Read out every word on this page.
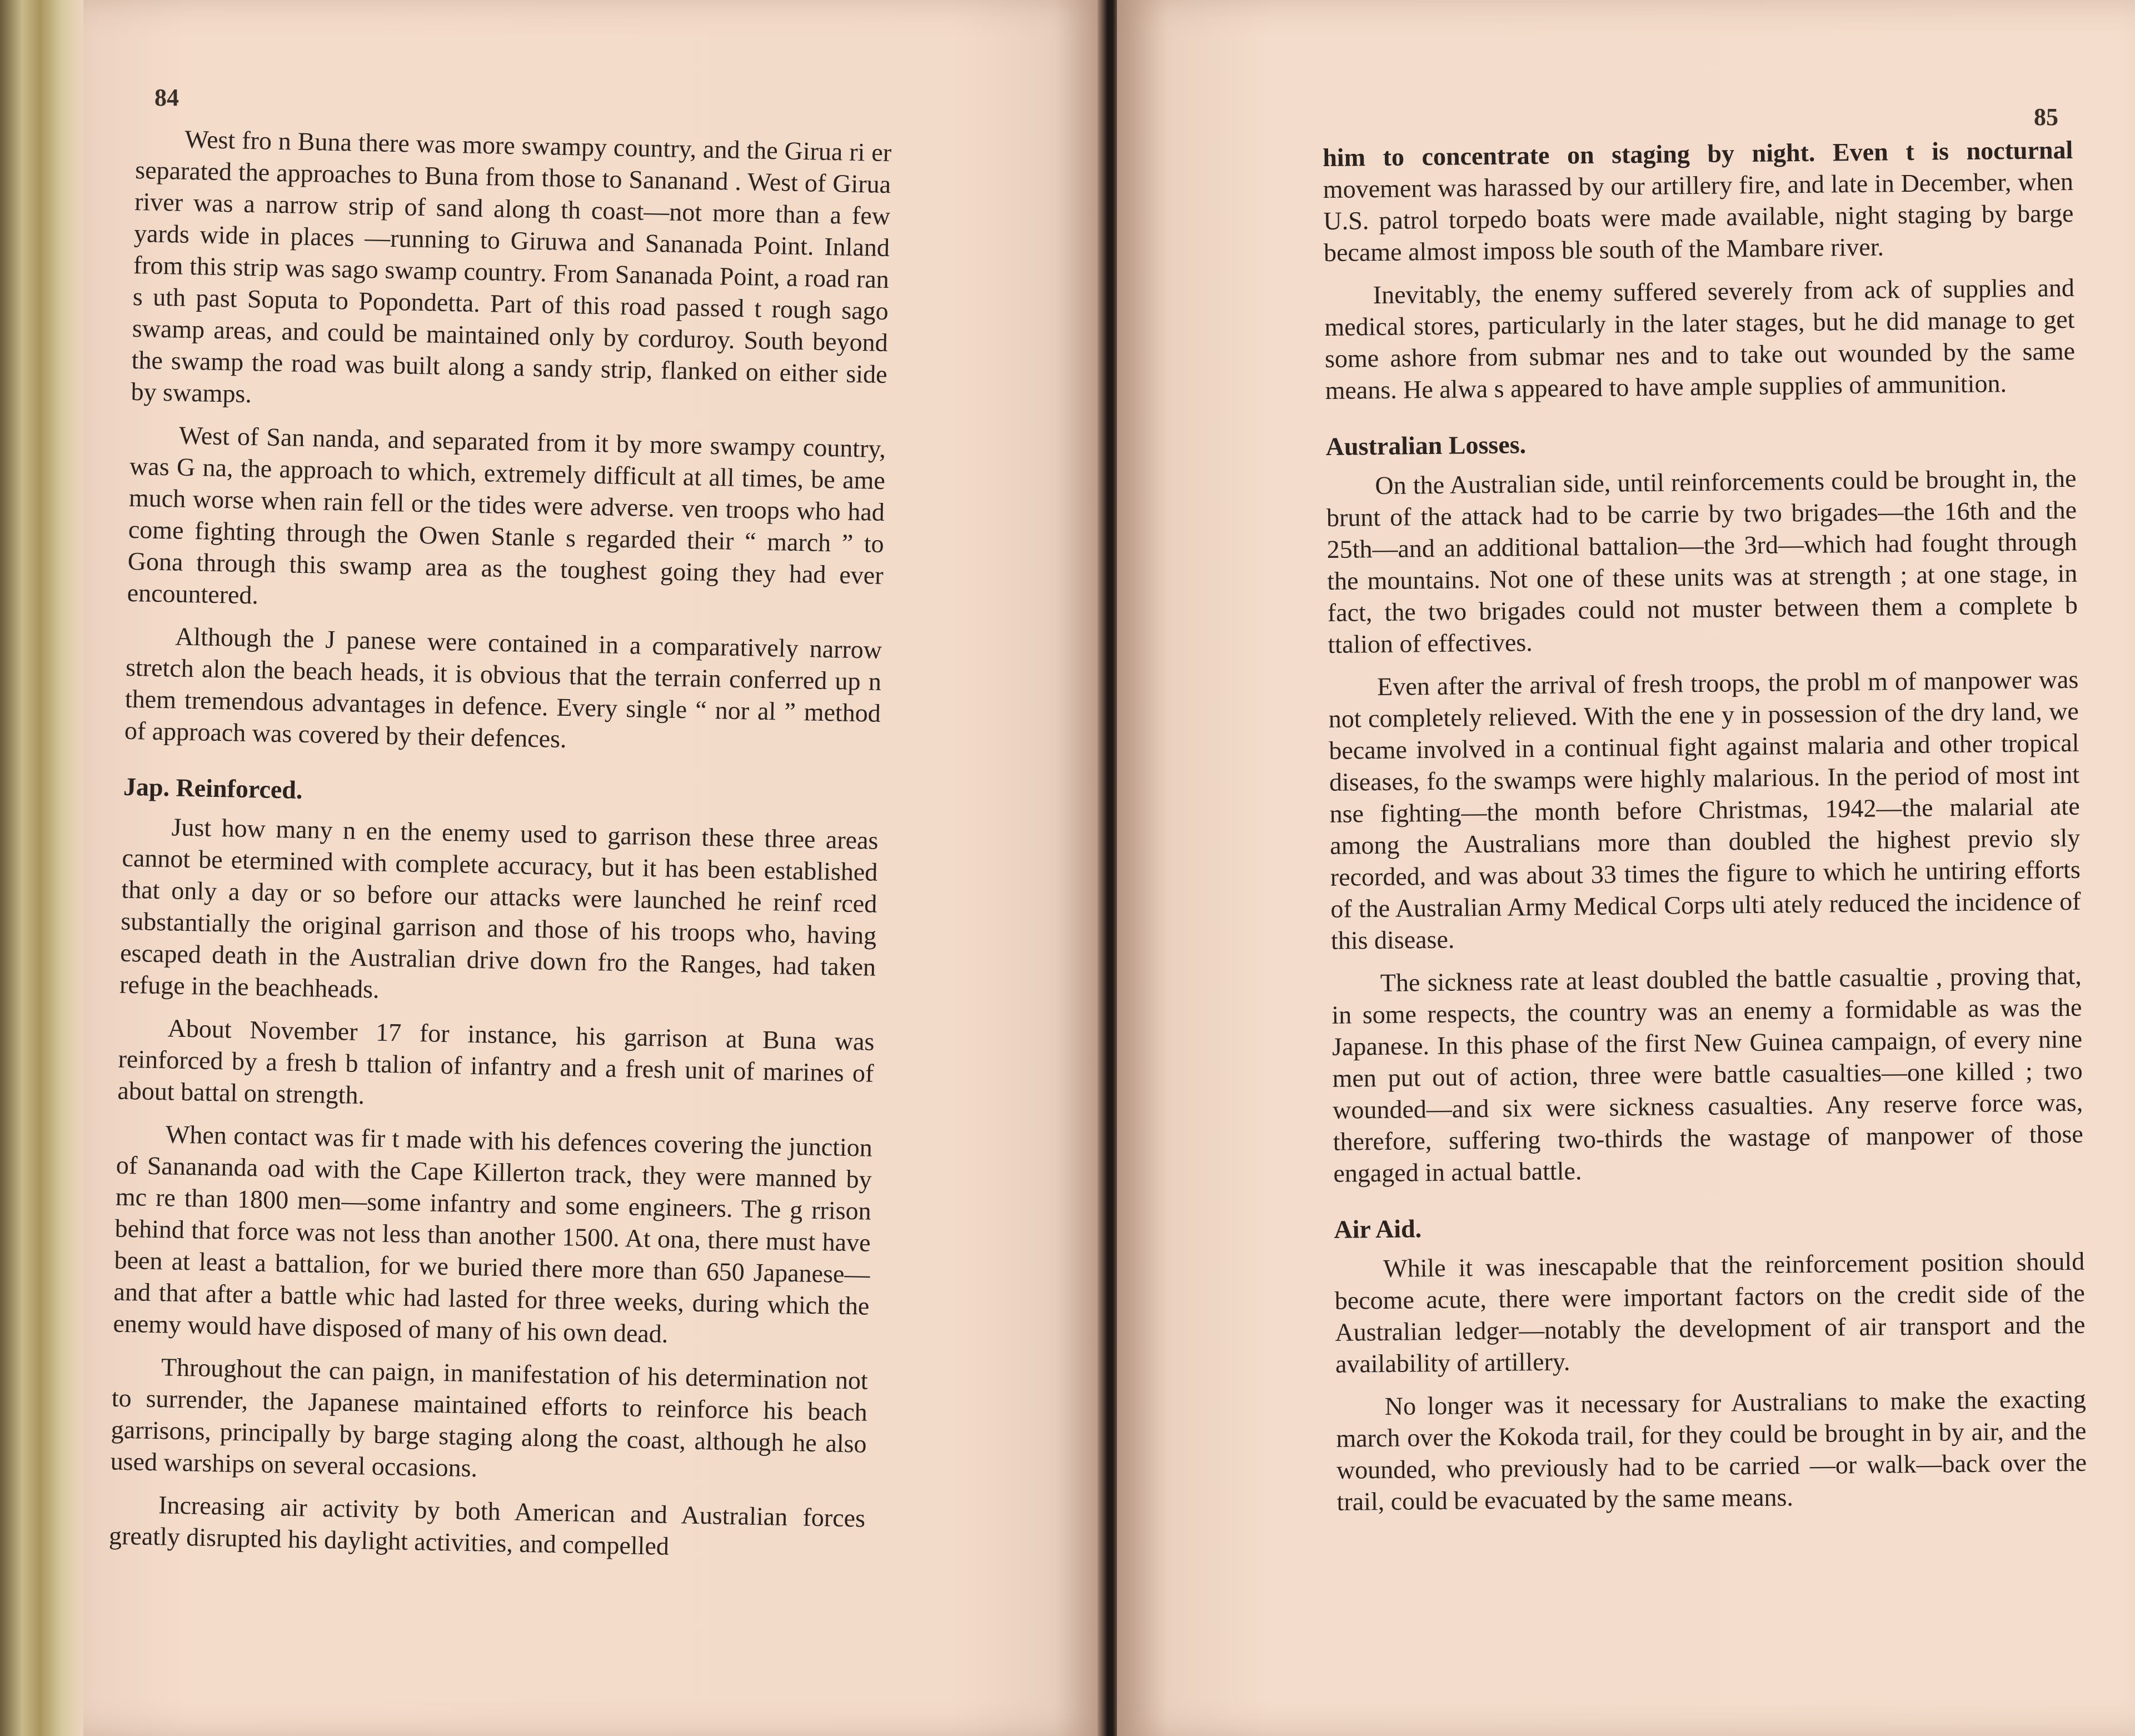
84

West fro n Buna there was more swampy country, and the Girua ri er separated the approaches to Buna from those to Sananand . West of Girua river was a narrow strip of sand along th coast—not more than a few yards wide in places —running to Giruwa and Sananada Point. Inland from this strip was sago swamp country. From Sananada Point, a road ran s uth past Soputa to Popondetta. Part of this road passed t rough sago swamp areas, and could be maintained only by corduroy. South beyond the swamp the road was built along a sandy strip, flanked on either side by swamps.

West of San nanda, and separated from it by more swampy country, was G na, the approach to which, extremely difficult at all times, be ame much worse when rain fell or the tides were adverse. ven troops who had come fighting through the Owen Stanle s regarded their “ march ” to Gona through this swamp area as the toughest going they had ever encountered.

Although the J panese were contained in a comparatively narrow stretch alon the beach heads, it is obvious that the terrain conferred up n them tremendous advantages in defence. Every single “ nor al ” method of approach was covered by their defences.

Jap. Reinforced.

Just how many n en the enemy used to garrison these three areas cannot be etermined with complete accuracy, but it has been established that only a day or so before our attacks were launched he reinf rced substantially the original garrison and those of his troops who, having escaped death in the Australian drive down fro the Ranges, had taken refuge in the beachheads.

About November 17 for instance, his garrison at Buna was reinforced by a fresh b ttalion of infantry and a fresh unit of marines of about battal on strength.

When contact was fir t made with his defences covering the junction of Sanananda oad with the Cape Killerton track, they were manned by mc re than 1800 men—some infantry and some engineers. The g rrison behind that force was not less than another 1500. At ona, there must have been at least a battalion, for we buried there more than 650 Japanese—and that after a battle whic had lasted for three weeks, during which the enemy would have disposed of many of his own dead.

Throughout the can paign, in manifestation of his determination not to surrender, the Japanese maintained efforts to reinforce his beach garrisons, principally by barge staging along the coast, although he also used warships on several occasions.

Increasing air activity by both American and Australian forces greatly disrupted his daylight activities, and compelled

85

him to concentrate on staging by night. Even t is nocturnal movement was harassed by our artillery fire, and late in December, when U.S. patrol torpedo boats were made available, night staging by barge became almost imposs ble south of the Mambare river.

Inevitably, the enemy suffered severely from ack of supplies and medical stores, particularly in the later stages, but he did manage to get some ashore from submar nes and to take out wounded by the same means. He alwa s appeared to have ample supplies of ammunition.

Australian Losses.

On the Australian side, until reinforcements could be brought in, the brunt of the attack had to be carrie by two brigades—the 16th and the 25th—and an additional battalion—the 3rd—which had fought through the mountains. Not one of these units was at strength ; at one stage, in fact, the two brigades could not muster between them a complete b ttalion of effectives.

Even after the arrival of fresh troops, the probl m of manpower was not completely relieved. With the ene y in possession of the dry land, we became involved in a continual fight against malaria and other tropical diseases, fo the swamps were highly malarious. In the period of most int nse fighting—the month before Christmas, 1942—the malarial ate among the Australians more than doubled the highest previo sly recorded, and was about 33 times the figure to which he untiring efforts of the Australian Army Medical Corps ulti ately reduced the incidence of this disease.

The sickness rate at least doubled the battle casualtie , proving that, in some respects, the country was an enemy a formidable as was the Japanese. In this phase of the first New Guinea campaign, of every nine men put out of action, three were battle casualties—one killed ; two wounded—and six were sickness casualties. Any reserve force was, therefore, suffering two-thirds the wastage of manpower of those engaged in actual battle.

Air Aid.

While it was inescapable that the reinforcement position should become acute, there were important factors on the credit side of the Australian ledger—notably the development of air transport and the availability of artillery.

No longer was it necessary for Australians to make the exacting march over the Kokoda trail, for they could be brought in by air, and the wounded, who previously had to be carried —or walk—back over the trail, could be evacuated by the same means.
